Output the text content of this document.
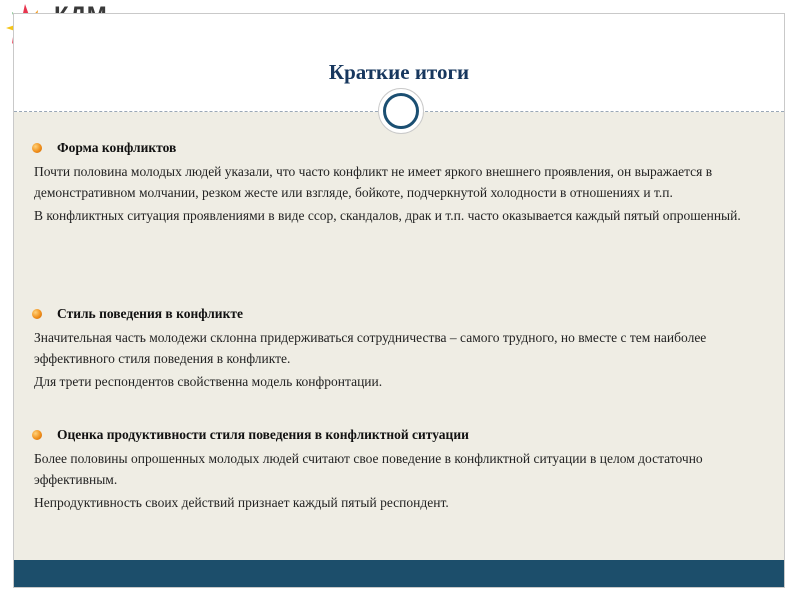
Краткие итоги
Форма конфликтов
Почти половина молодых людей указали, что часто конфликт не имеет яркого внешнего проявления, он выражается в демонстративном молчании, резком жесте или взгляде, бойкоте, подчеркнутой холодности в отношениях и т.п.
В конфликтных ситуация проявлениями в виде ссор, скандалов, драк и т.п. часто оказывается каждый пятый опрошенный.
Стиль поведения в конфликте
Значительная часть молодежи склонна придерживаться сотрудничества – самого трудного, но вместе с тем наиболее эффективного стиля поведения в конфликте.
Для трети респондентов свойственна модель конфронтации.
Оценка продуктивности стиля поведения в конфликтной ситуации
Более половины опрошенных молодых людей считают свое поведение в конфликтной ситуации в целом достаточно эффективным.
Непродуктивность своих действий признает каждый пятый респондент.
